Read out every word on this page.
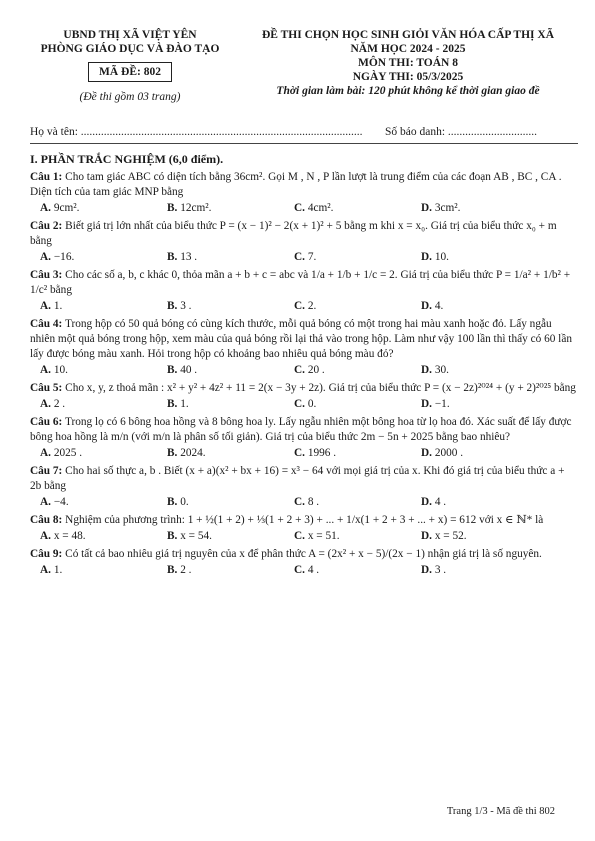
UBND THỊ XÃ VIỆT YÊN
PHÒNG GIÁO DỤC VÀ ĐÀO TẠO
MÃ ĐỀ: 802
(Đề thi gồm 03 trang)
ĐỀ THI CHỌN HỌC SINH GIỎI VĂN HÓA CẤP THỊ XÃ
NĂM HỌC 2024 - 2025
MÔN THI: TOÁN 8
NGÀY THI: 05/3/2025
Thời gian làm bài: 120 phút không kể thời gian giao đề
Họ và tên: ..................................................................................................	Số báo danh: ...............................
I. PHẦN TRẮC NGHIỆM (6,0 điểm).
Câu 1: Cho tam giác ABC có diện tích bằng 36cm². Gọi M , N , P lần lượt là trung điểm của các đoạn AB , BC , CA . Diện tích của tam giác MNP bằng
A. 9cm².	B. 12cm².	C. 4cm².	D. 3cm².
Câu 2: Biết giá trị lớn nhất của biểu thức P = (x − 1)² − 2(x + 1)² + 5 bằng m khi x = x₀. Giá trị của biểu thức x₀ + m bằng
A. −16.	B. 13 .	C. 7.	D. 10.
Câu 3: Cho các số a, b, c khác 0, thỏa mãn a + b + c = abc và 1/a + 1/b + 1/c = 2. Giá trị của biểu thức P = 1/a² + 1/b² + 1/c² bằng
A. 1.	B. 3 .	C. 2.	D. 4.
Câu 4: Trong hộp có 50 quả bóng có cùng kích thước, mỗi quả bóng có một trong hai màu xanh hoặc đỏ. Lấy ngẫu nhiên một quả bóng trong hộp, xem màu của quả bóng rồi lại thả vào trong hộp. Làm như vậy 100 lần thì thấy có 60 lần lấy được bóng màu xanh. Hỏi trong hộp có khoảng bao nhiêu quả bóng màu đỏ?
A. 10.	B. 40 .	C. 20 .	D. 30.
Câu 5: Cho x, y, z thoả mãn : x² + y² + 4z² + 11 = 2(x − 3y + 2z). Giá trị của biểu thức P = (x − 2z)²⁰²⁴ + (y + 2)²⁰²⁵ bằng
A. 2 .	B. 1.	C. 0.	D. −1.
Câu 6: Trong lọ có 6 bông hoa hồng và 8 bông hoa ly. Lấy ngẫu nhiên một bông hoa từ lọ hoa đó. Xác suất để lấy được bông hoa hồng là m/n (với m/n là phân số tối giản). Giá trị của biểu thức 2m − 5n + 2025 bằng bao nhiêu?
A. 2025 .	B. 2024.	C. 1996 .	D. 2000 .
Câu 7: Cho hai số thực a, b . Biết (x + a)(x² + bx + 16) = x³ − 64 với mọi giá trị của x. Khi đó giá trị của biểu thức a + 2b bằng
A. −4.	B. 0.	C. 8 .	D. 4 .
Câu 8: Nghiệm của phương trình: 1 + ½(1 + 2) + ⅓(1 + 2 + 3) + ... + 1/x(1 + 2 + 3 + ... + x) = 612 với x ∈ ℕ* là
A. x = 48.	B. x = 54.	C. x = 51.	D. x = 52.
Câu 9: Có tất cả bao nhiêu giá trị nguyên của x để phân thức A = (2x² + x − 5)/(2x − 1) nhận giá trị là số nguyên.
A. 1.	B. 2 .	C. 4 .	D. 3 .
Trang 1/3 - Mã đề thi 802
